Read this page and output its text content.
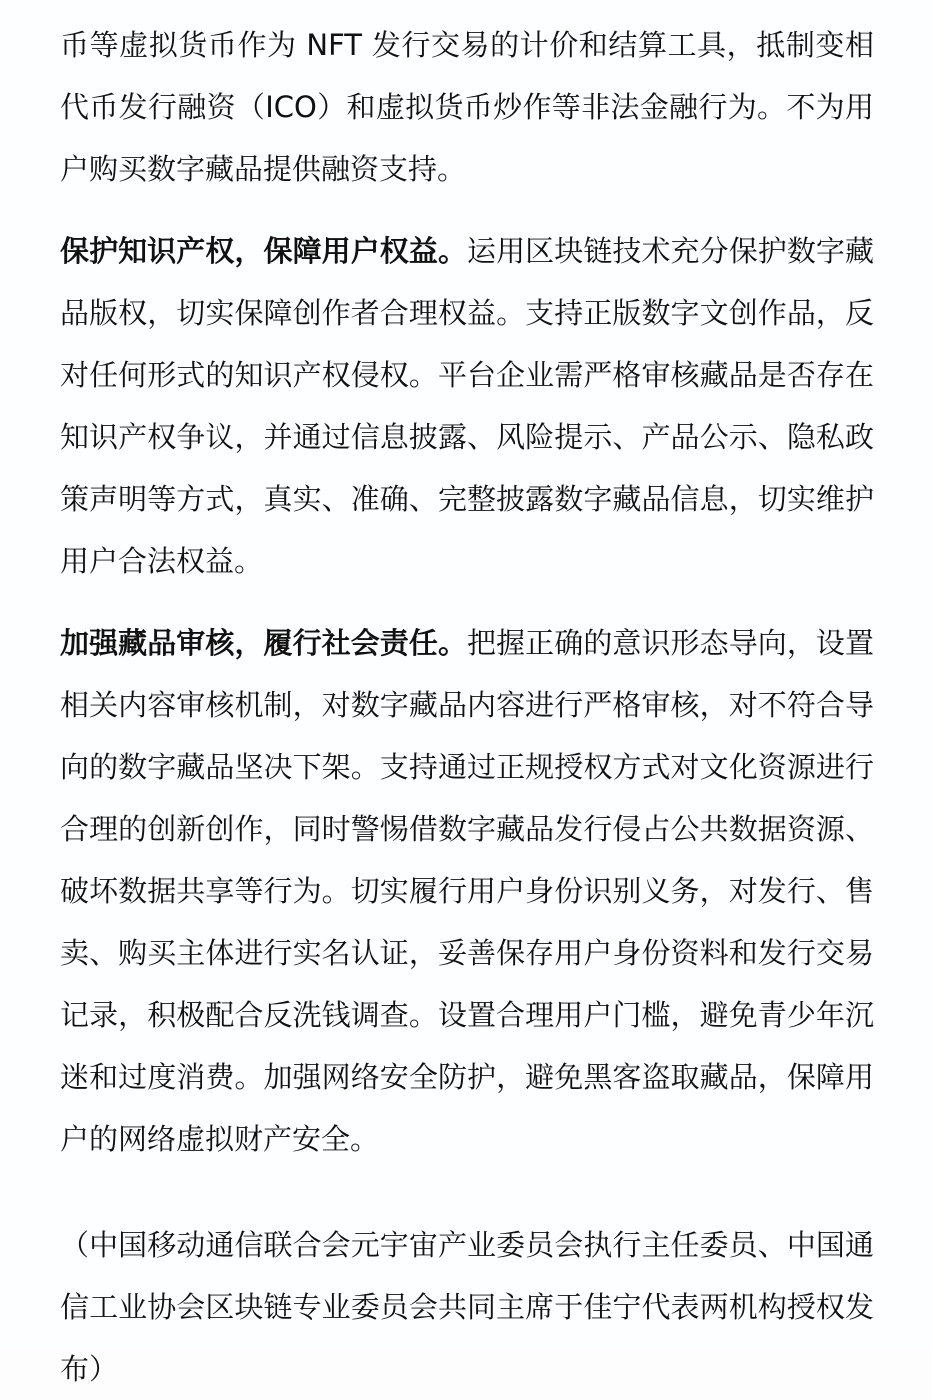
币等虚拟货币作为 NFT 发行交易的计价和结算工具，抵制变相代币发行融资（ICO）和虚拟货币炒作等非法金融行为。不为用户购买数字藏品提供融资支持。

保护知识产权，保障用户权益。运用区块链技术充分保护数字藏品版权，切实保障创作者合理权益。支持正版数字文创作品，反对任何形式的知识产权侵权。平台企业需严格审核藏品是否存在知识产权争议，并通过信息披露、风险提示、产品公示、隐私政策声明等方式，真实、准确、完整披露数字藏品信息，切实维护用户合法权益。

加强藏品审核，履行社会责任。把握正确的意识形态导向，设置相关内容审核机制，对数字藏品内容进行严格审核，对不符合导向的数字藏品坚决下架。支持通过正规授权方式对文化资源进行合理的创新创作，同时警惕借数字藏品发行侵占公共数据资源、破坏数据共享等行为。切实履行用户身份识别义务，对发行、售卖、购买主体进行实名认证，妥善保存用户身份资料和发行交易记录，积极配合反洗钱调查。设置合理用户门槛，避免青少年沉迷和过度消费。加强网络安全防护，避免黑客盗取藏品，保障用户的网络虚拟财产安全。

（中国移动通信联合会元宇宙产业委员会执行主任委员、中国通信工业协会区块链专业委员会共同主席于佳宁代表两机构授权发布）
